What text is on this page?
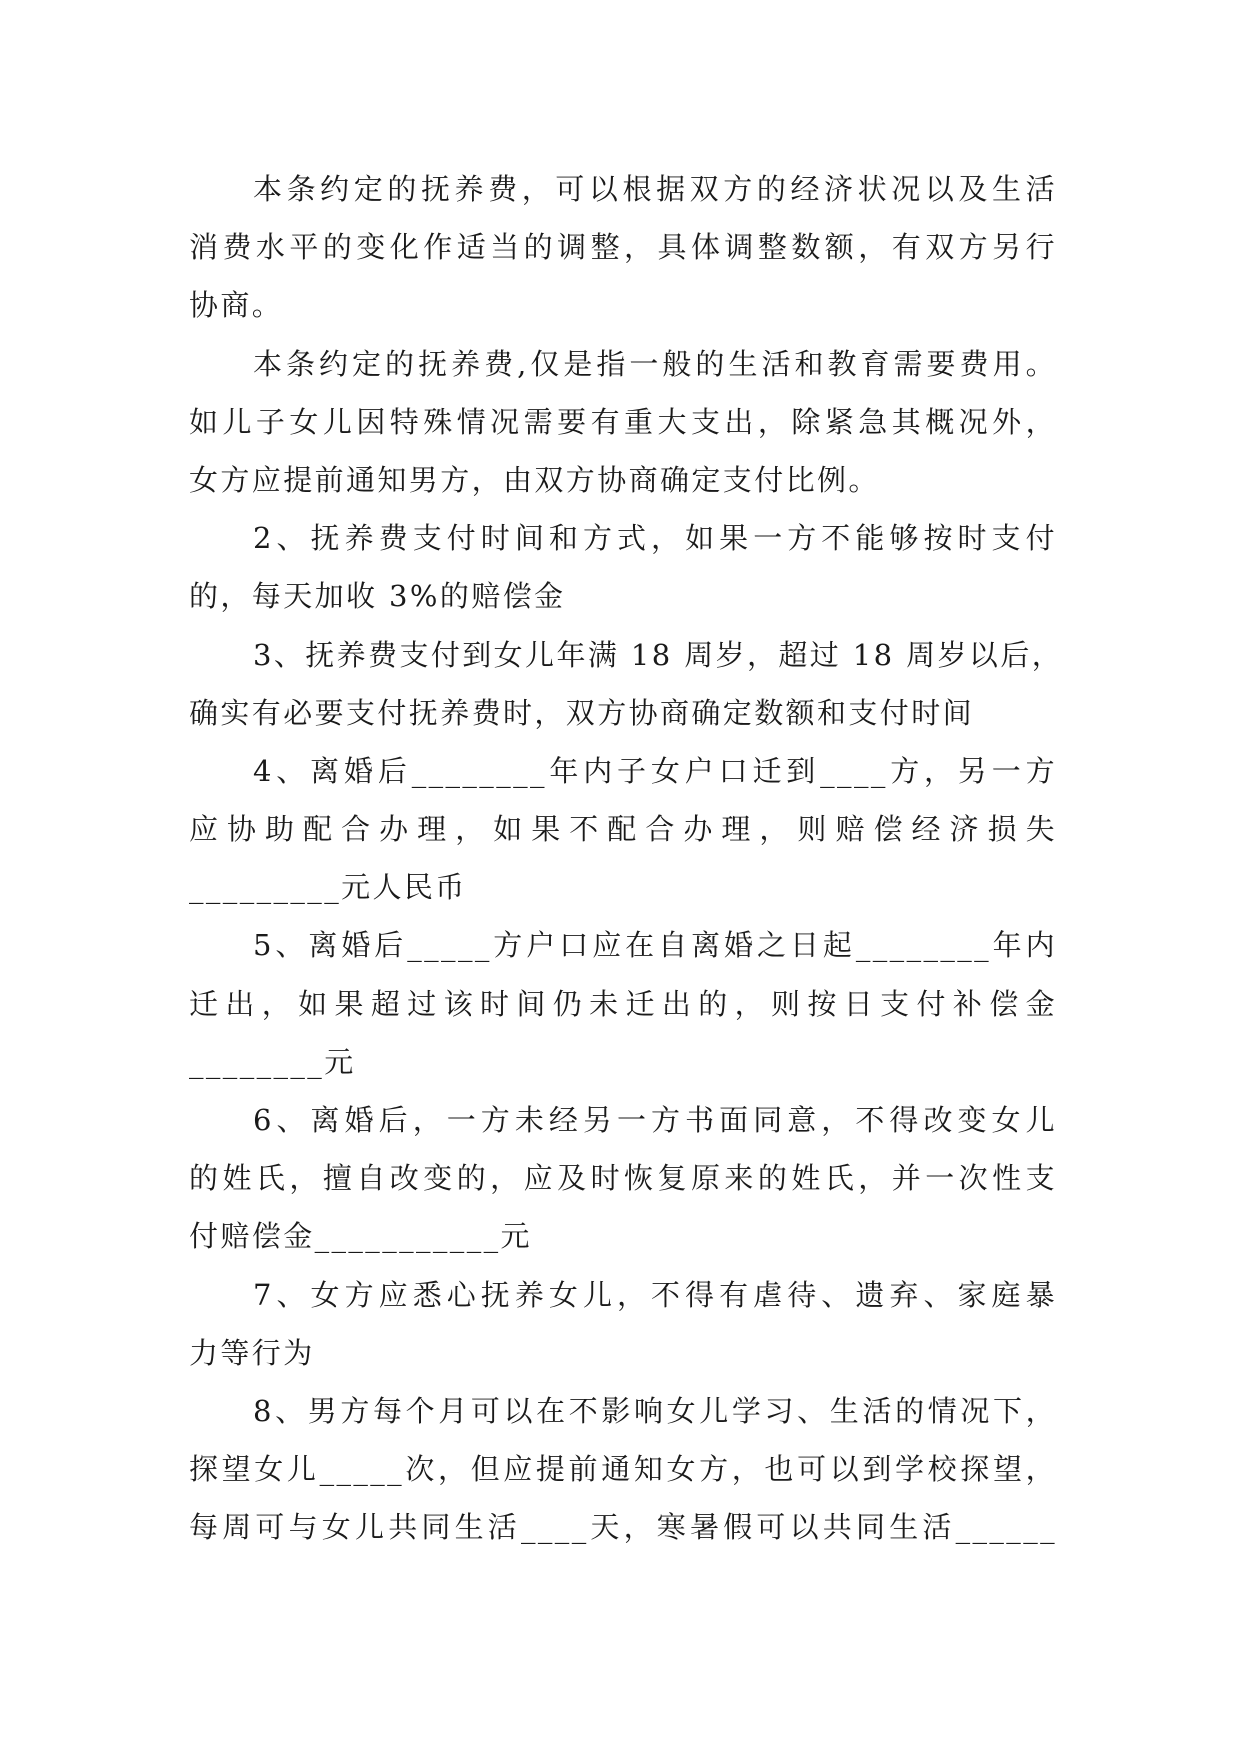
本条约定的抚养费，可以根据双方的经济状况以及生活
消费水平的变化作适当的调整，具体调整数额，有双方另行
协商。
本条约定的抚养费,仅是指一般的生活和教育需要费用。
如儿子女儿因特殊情况需要有重大支出，除紧急其概况外，
女方应提前通知男方，由双方协商确定支付比例。
2、抚养费支付时间和方式，如果一方不能够按时支付
的，每天加收 3%的赔偿金
3、抚养费支付到女儿年满 18 周岁，超过 18 周岁以后，
确实有必要支付抚养费时，双方协商确定数额和支付时间
4、离婚后________年内子女户口迁到____方，另一方
应协助配合办理，如果不配合办理，则赔偿经济损失
_________元人民币
5、离婚后_____方户口应在自离婚之日起________年内
迁出，如果超过该时间仍未迁出的，则按日支付补偿金
________元
6、离婚后，一方未经另一方书面同意，不得改变女儿
的姓氏，擅自改变的，应及时恢复原来的姓氏，并一次性支
付赔偿金___________元
7、女方应悉心抚养女儿，不得有虐待、遗弃、家庭暴
力等行为
8、男方每个月可以在不影响女儿学习、生活的情况下，
探望女儿_____次，但应提前通知女方，也可以到学校探望，
每周可与女儿共同生活____天，寒暑假可以共同生活______
